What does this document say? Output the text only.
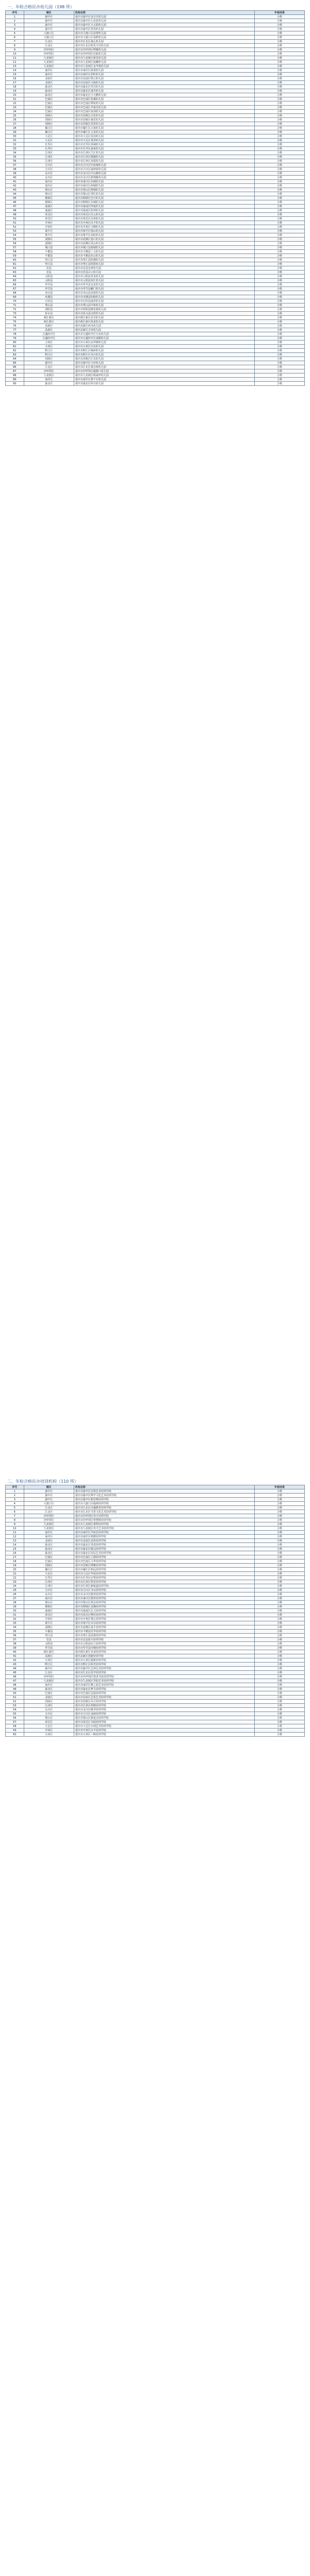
一、年检合格民办幼儿园（198 所）
序号	辖区	机构名称	年检结果
1	渝中区	重庆市渝中区金宝贝幼儿园	合格
2	渝中区	重庆市渝中区七色花幼儿园	合格
3	渝中区	重庆市渝中区小太阳幼儿园	合格
4	渝中区	重庆市渝中区育英幼儿园	合格
5	大渡口区	重庆市大渡口区蓓蕾幼儿园	合格
6	大渡口区	重庆市大渡口区春晖幼儿园	合格
7	江北区	重庆市江北区童心幼儿园	合格
8	江北区	重庆市江北区阳光宝贝幼儿园	合格
9	沙坪坝区	重庆市沙坪坝区博雅幼儿园	合格
10	沙坪坝区	重庆市沙坪坝区启航幼儿园	合格
11	九龙坡区	重庆市九龙坡区新星幼儿园	合格
12	九龙坡区	重庆市九龙坡区晨曦幼儿园	合格
13	九龙坡区	重庆市九龙坡区金苹果幼儿园	合格
14	南岸区	重庆市南岸区海棠幼儿园	合格
15	南岸区	重庆市南岸区彩虹幼儿园	合格
16	北碚区	重庆市北碚区缙云幼儿园	合格
17	北碚区	重庆市北碚区天使幼儿园	合格
18	渝北区	重庆市渝北区乐贝幼儿园	合格
19	渝北区	重庆市渝北区童乐幼儿园	合格
20	渝北区	重庆市渝北区小天鹅幼儿园	合格
21	巴南区	重庆市巴南区花溪幼儿园	合格
22	巴南区	重庆市巴南区博苑幼儿园	合格
23	巴南区	重庆市巴南区李家沱幼儿园	合格
24	巴南区	重庆市巴南区鱼洞幼儿园	合格
25	涪陵区	重庆市涪陵区百花幼儿园	合格
26	涪陵区	重庆市涪陵区童星幼儿园	合格
27	涪陵区	重庆市涪陵区育苗幼儿园	合格
28	綦江区	重庆市綦江区古南幼儿园	合格
29	綦江区	重庆市綦江区文龙幼儿园	合格
30	大足区	重庆市大足区龙岗幼儿园	合格
31	大足区	重庆市大足区棠香幼儿园	合格
32	长寿区	重庆市长寿区凤城幼儿园	合格
33	长寿区	重庆市长寿区晏家幼儿园	合格
34	江津区	重庆市江津区几江幼儿园	合格
35	江津区	重庆市江津区德感幼儿园	合格
36	江津区	重庆市江津区双福幼儿园	合格
37	合川区	重庆市合川区钓鱼城幼儿园	合格
38	合川区	重庆市合川区南津街幼儿园	合格
39	永川区	重庆市永川区中山路幼儿园	合格
40	永川区	重庆市永川区胜利路幼儿园	合格
41	南川区	重庆市南川区东城幼儿园	合格
42	南川区	重庆市南川区西城幼儿园	合格
43	璧山区	重庆市璧山区璧城幼儿园	合格
44	璧山区	重庆市璧山区青杠幼儿园	合格
45	铜梁区	重庆市铜梁区巴川幼儿园	合格
46	铜梁区	重庆市铜梁区东城幼儿园	合格
47	潼南区	重庆市潼南区梓潼幼儿园	合格
48	潼南区	重庆市潼南区桂林幼儿园	合格
49	荣昌区	重庆市荣昌区昌元幼儿园	合格
50	荣昌区	重庆市荣昌区昌州幼儿园	合格
51	开州区	重庆市开州区汉丰幼儿园	合格
52	开州区	重庆市开州区文峰幼儿园	合格
53	梁平区	重庆市梁平区梁山幼儿园	合格
54	梁平区	重庆市梁平区双桂幼儿园	合格
55	武隆区	重庆市武隆区巷口幼儿园	合格
56	武隆区	重庆市武隆区凤山幼儿园	合格
57	城口县	重庆市城口县葛城幼儿园	合格
58	丰都县	重庆市丰都县三合幼儿园	合格
59	丰都县	重庆市丰都县名山幼儿园	合格
60	垫江县	重庆市垫江县桂溪幼儿园	合格
61	垫江县	重庆市垫江县桂阳幼儿园	合格
62	忠县	重庆市忠县忠州幼儿园	合格
63	忠县	重庆市忠县白公幼儿园	合格
64	云阳县	重庆市云阳县青龙幼儿园	合格
65	云阳县	重庆市云阳县双江幼儿园	合格
66	奉节县	重庆市奉节县永安幼儿园	合格
67	奉节县	重庆市奉节县夔门幼儿园	合格
68	巫山县	重庆市巫山县高唐幼儿园	合格
69	巫溪县	重庆市巫溪县柏杨幼儿园	合格
70	石柱县	重庆市石柱县南宾幼儿园	合格
71	秀山县	重庆市秀山县中和幼儿园	合格
72	酉阳县	重庆市酉阳县桃花源幼儿园	合格
73	彭水县	重庆市彭水县汉葭幼儿园	合格
74	两江新区	重庆两江新区星光幼儿园	合格
75	两江新区	重庆两江新区悦来幼儿园	合格
76	高新区	重庆高新区西永幼儿园	合格
77	高新区	重庆高新区含谷幼儿园	合格
78	万盛经开区	重庆市万盛经开区万东幼儿园	合格
79	万盛经开区	重庆市万盛经开区南桐幼儿园	合格
80	万州区	重庆市万州区高笋塘幼儿园	合格
81	万州区	重庆市万州区百安幼儿园	合格
82	黔江区	重庆市黔江区城西幼儿园	合格
83	黔江区	重庆市黔江区舟白幼儿园	合格
84	涪陵区	重庆市涪陵区江东幼儿园	合格
85	渝中区	重庆市渝中区大坪幼儿园	合格
86	江北区	重庆市江北区观音桥幼儿园	合格
87	沙坪坝区	重庆市沙坪坝区磁器口幼儿园	合格
88	九龙坡区	重庆市九龙坡区杨家坪幼儿园	合格
89	南岸区	重庆市南岸区弹子石幼儿园	合格
90	渝北区	重庆市渝北区回兴幼儿园	合格
二、年检合格民办培训机构（110 所）
序号	辖区	机构名称	年检结果
1	渝中区	重庆市渝中区启明艺术培训学校	合格
2	渝中区	重庆市渝中区博学文化艺术培训学校	合格
3	渝中区	重庆市渝中区新思维培训学校	合格
4	大渡口区	重庆市大渡口区翰林培训学校	合格
5	江北区	重庆市江北区卓越教育培训学校	合格
6	江北区	重庆市江北区书香文化艺术培训学校	合格
7	沙坪坝区	重庆市沙坪坝区英才培训学校	合格
8	沙坪坝区	重庆市沙坪坝区智慧树培训学校	合格
9	九龙坡区	重庆市九龙坡区睿智培训学校	合格
10	九龙坡区	重庆市九龙坡区育才艺术培训学校	合格
11	南岸区	重庆市南岸区学而思培训学校	合格
12	南岸区	重庆市南岸区明德培训学校	合格
13	北碚区	重庆市北碚区求知培训学校	合格
14	渝北区	重庆市渝北区青苗培训学校	合格
15	渝北区	重庆市渝北区致远培训学校	合格
16	渝北区	重庆市渝北区星辰艺术培训学校	合格
17	巴南区	重庆市巴南区立德培训学校	合格
18	巴南区	重庆市巴南区文华培训学校	合格
19	涪陵区	重庆市涪陵区博雅培训学校	合格
20	綦江区	重庆市綦江区明远培训学校	合格
21	大足区	重庆市大足区华夏培训学校	合格
22	长寿区	重庆市长寿区启智培训学校	合格
23	江津区	重庆市江津区智星培训学校	合格
24	江津区	重庆市江津区新航道培训学校	合格
25	合川区	重庆市合川区书山培训学校	合格
26	永川区	重庆市永川区精英培训学校	合格
27	南川区	重庆市南川区德育培训学校	合格
28	璧山区	重庆市璧山区鸿志培训学校	合格
29	铜梁区	重庆市铜梁区龙腾培训学校	合格
30	潼南区	重庆市潼南区弘文培训学校	合格
31	荣昌区	重庆市荣昌区博识培训学校	合格
32	开州区	重庆市开州区慧心培训学校	合格
33	梁平区	重庆市梁平区卓尔培训学校	合格
34	武隆区	重庆市武隆区成才培训学校	合格
35	丰都县	重庆市丰都县乐学培训学校	合格
36	垫江县	重庆市垫江县思源培训学校	合格
37	忠县	重庆市忠县蓝天培训学校	合格
38	云阳县	重庆市云阳县向上培训学校	合格
39	奉节县	重庆市奉节县诗城培训学校	合格
40	两江新区	重庆两江新区未来培训学校	合格
41	高新区	重庆高新区创新培训学校	合格
42	万州区	重庆市万州区鼎新培训学校	合格
43	黔江区	重庆市黔江区阳光培训学校	合格
44	渝中区	重庆市渝中区艺林艺术培训学校	合格
45	江北区	重庆市江北区优学培训学校	合格
46	沙坪坝区	重庆市沙坪坝区墨香书法培训学校	合格
47	九龙坡区	重庆市九龙坡区琴韵艺术培训学校	合格
48	南岸区	重庆市南岸区舞之韵艺术培训学校	合格
49	渝北区	重庆市渝北区博文培训学校	合格
50	巴南区	重庆市巴南区启迪培训学校	合格
51	北碚区	重庆市北碚区艺苑艺术培训学校	合格
52	涪陵区	重庆市涪陵区东方培训学校	合格
53	江津区	重庆市江津区明德培训学校	合格
54	永川区	重庆市永川区桃李培训学校	合格
55	合川区	重庆市合川区金榜培训学校	合格
56	璧山区	重庆市璧山区新起点培训学校	合格
57	荣昌区	重庆市荣昌区书韵培训学校	合格
58	大足区	重庆市大足区石刻艺术培训学校	合格
59	开州区	重庆市开州区汉丰培训学校	合格
60	万州区	重庆市万州区三峡培训学校	合格
